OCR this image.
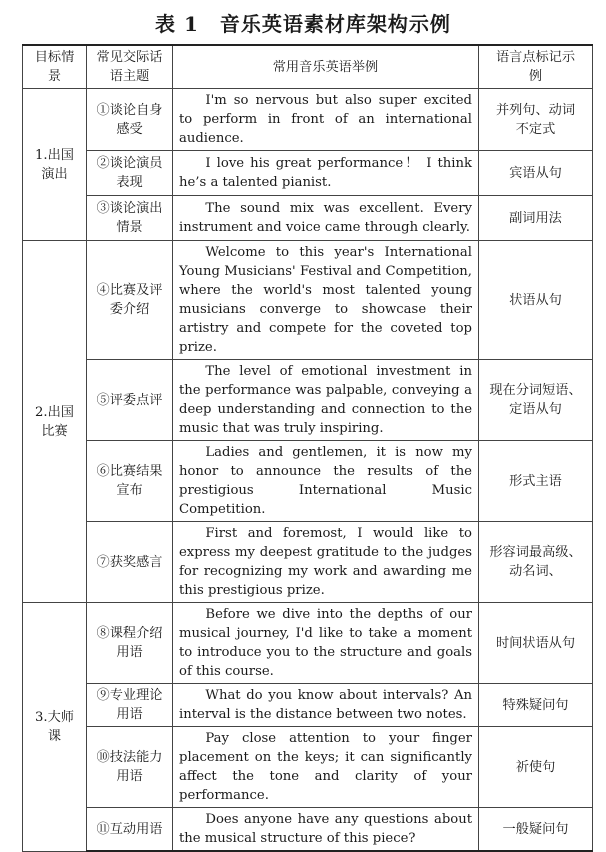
表 1　音乐英语素材库架构示例
目标情景	常见交际话语主题	常用音乐英语举例	语言点标记示例
1.出国演出	①谈论自身感受	I'm so nervous but also super excited to perform in front of an international audience.	并列句、动词不定式
	②谈论演员表现	I love his great performance！ I think he’s a talented pianist.	宾语从句
	③谈论演出情景	The sound mix was excellent. Every instrument and voice came through clearly.	副词用法
2.出国比赛	④比赛及评委介绍	Welcome to this year's International Young Musicians' Festival and Competition, where the world's most talented young musicians converge to showcase their artistry and compete for the coveted top prize.	状语从句
	⑤评委点评	The level of emotional investment in the performance was palpable, conveying a deep understanding and connection to the music that was truly inspiring.	现在分词短语、定语从句
	⑥比赛结果宣布	Ladies and gentlemen, it is now my honor to announce the results of the prestigious International Music Competition.	形式主语
	⑦获奖感言	First and foremost, I would like to express my deepest gratitude to the judges for recognizing my work and awarding me this prestigious prize.	形容词最高级、动名词、
3.大师课	⑧课程介绍用语	Before we dive into the depths of our musical journey, I'd like to take a moment to introduce you to the structure and goals of this course.	时间状语从句
	⑨专业理论用语	What do you know about intervals? An interval is the distance between two notes.	特殊疑问句
	⑩技法能力用语	Pay close attention to your finger placement on the keys; it can significantly affect the tone and clarity of your performance.	祈使句
	⑪互动用语	Does anyone have any questions about the musical structure of this piece?	一般疑问句
